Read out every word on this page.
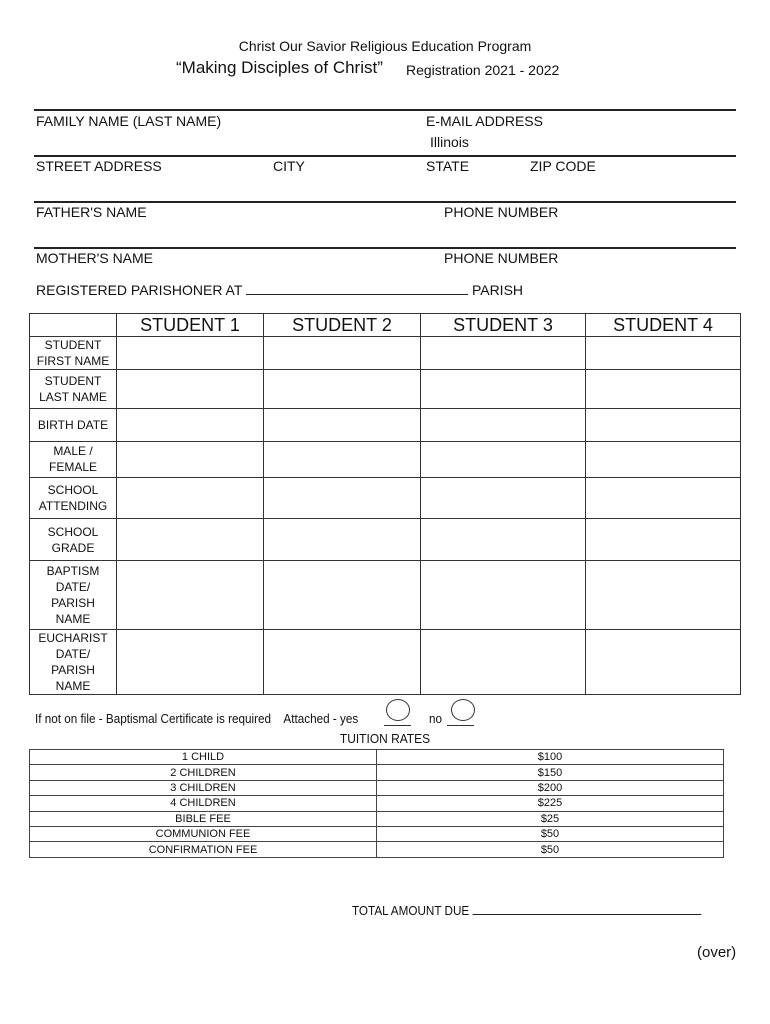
Christ Our Savior Religious Education Program
“Making Disciples of Christ” Registration 2021 - 2022
FAMILY NAME (LAST NAME)	E-MAIL ADDRESS
Illinois
STREET ADDRESS	CITY	STATE	ZIP CODE
FATHER'S NAME	PHONE NUMBER
MOTHER'S NAME	PHONE NUMBER
REGISTERED PARISHONER AT	PARISH
	STUDENT 1	STUDENT 2	STUDENT 3	STUDENT 4

STUDENT
FIRST NAME				

STUDENT
LAST NAME				

BIRTH DATE				

MALE /
FEMALE				

SCHOOL
ATTENDING				

SCHOOL
GRADE				

BAPTISM
DATE/
PARISH
NAME				

EUCHARIST
DATE/
PARISH
NAME				

If not on file - Baptismal Certificate is required Attached - yes	no
TUITION RATES
1 CHILD	$100
2 CHILDREN	$150
3 CHILDREN	$200
4 CHILDREN	$225
BIBLE FEE	$25
COMMUNION FEE	$50
CONFIRMATION FEE	$50
TOTAL AMOUNT DUE
(over)
